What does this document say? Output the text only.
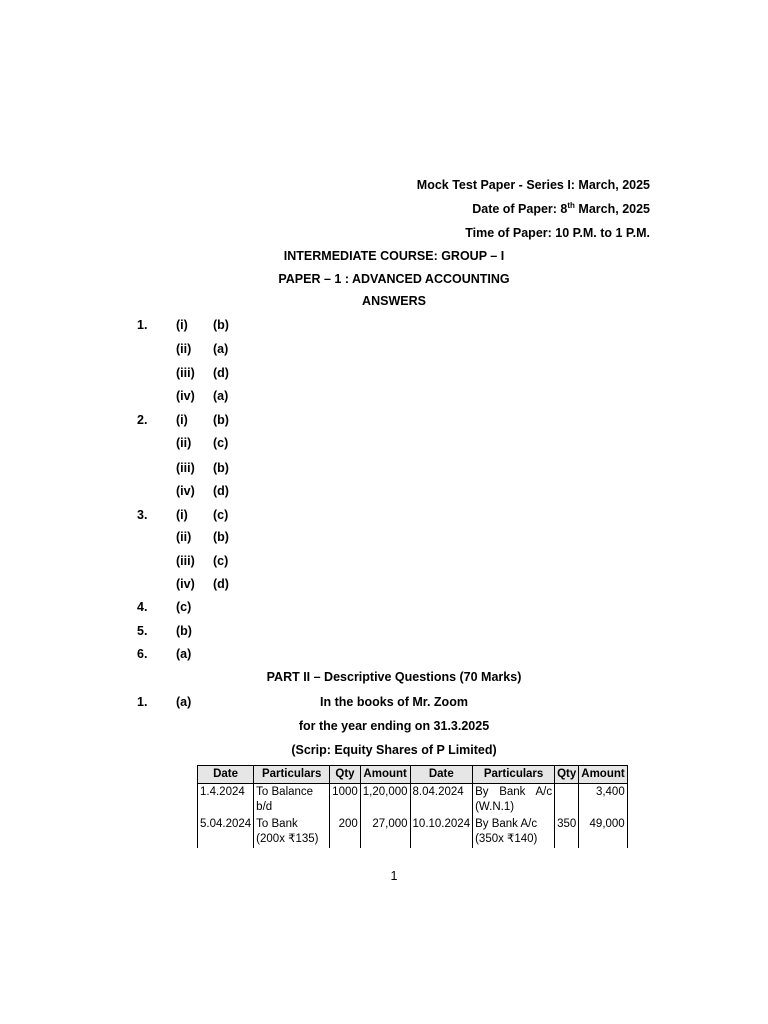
Mock Test Paper - Series I: March, 2025
Date of Paper: 8th March, 2025
Time of Paper: 10 P.M. to 1 P.M.
INTERMEDIATE COURSE: GROUP – I
PAPER – 1 : ADVANCED ACCOUNTING
ANSWERS
1. (i) (b)
(ii) (a)
(iii) (d)
(iv) (a)
2. (i) (b)
(ii) (c)
(iii) (b)
(iv) (d)
3. (i) (c)
(ii) (b)
(iii) (c)
(iv) (d)
4. (c)
5. (b)
6. (a)
PART II – Descriptive Questions (70 Marks)
1. (a)	In the books of Mr. Zoom
for the year ending on 31.3.2025
(Scrip: Equity Shares of P Limited)
Date	Particulars	Qty	Amount	Date	Particulars	Qty	Amount
1.4.2024	To Balance b/d	1000	1,20,000	8.04.2024	By Bank A/c (W.N.1)		3,400
5.04.2024	To Bank (200x ₹135)	200	27,000	10.10.2024	By Bank A/c (350x ₹140)	350	49,000
1
